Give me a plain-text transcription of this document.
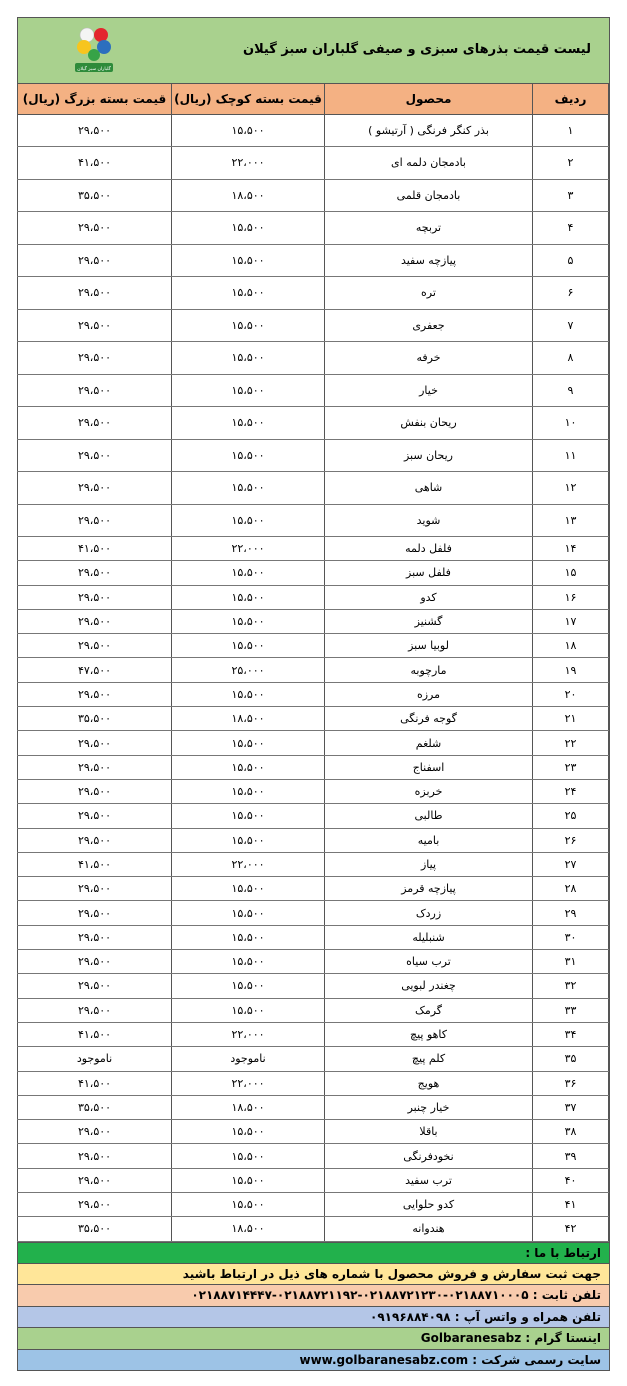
لیست قیمت بذرهای سبزی و صیفی گلباران سبز گیلان
گلباران سبز گیلان
ردیف	محصول	قیمت بسته کوچک (ریال)	قیمت بسته بزرگ (ریال)
۱	بذر کنگر فرنگی ( آرتیشو )	۱۵،۵۰۰	۲۹،۵۰۰
۲	بادمجان دلمه ای	۲۲،۰۰۰	۴۱،۵۰۰
۳	بادمجان قلمی	۱۸،۵۰۰	۳۵،۵۰۰
۴	تربچه	۱۵،۵۰۰	۲۹،۵۰۰
۵	پیازچه سفید	۱۵،۵۰۰	۲۹،۵۰۰
۶	تره	۱۵،۵۰۰	۲۹،۵۰۰
۷	جعفری	۱۵،۵۰۰	۲۹،۵۰۰
۸	خرفه	۱۵،۵۰۰	۲۹،۵۰۰
۹	خیار	۱۵،۵۰۰	۲۹،۵۰۰
۱۰	ریحان بنفش	۱۵،۵۰۰	۲۹،۵۰۰
۱۱	ریحان سبز	۱۵،۵۰۰	۲۹،۵۰۰
۱۲	شاهی	۱۵،۵۰۰	۲۹،۵۰۰
۱۳	شوید	۱۵،۵۰۰	۲۹،۵۰۰
۱۴	فلفل دلمه	۲۲،۰۰۰	۴۱،۵۰۰
۱۵	فلفل سبز	۱۵،۵۰۰	۲۹،۵۰۰
۱۶	کدو	۱۵،۵۰۰	۲۹،۵۰۰
۱۷	گشنیز	۱۵،۵۰۰	۲۹،۵۰۰
۱۸	لوبیا سبز	۱۵،۵۰۰	۲۹،۵۰۰
۱۹	مارچوبه	۲۵،۰۰۰	۴۷،۵۰۰
۲۰	مرزه	۱۵،۵۰۰	۲۹،۵۰۰
۲۱	گوجه فرنگی	۱۸،۵۰۰	۳۵،۵۰۰
۲۲	شلغم	۱۵،۵۰۰	۲۹،۵۰۰
۲۳	اسفناج	۱۵،۵۰۰	۲۹،۵۰۰
۲۴	خربزه	۱۵،۵۰۰	۲۹،۵۰۰
۲۵	طالبی	۱۵،۵۰۰	۲۹،۵۰۰
۲۶	بامیه	۱۵،۵۰۰	۲۹،۵۰۰
۲۷	پیاز	۲۲،۰۰۰	۴۱،۵۰۰
۲۸	پیازچه قرمز	۱۵،۵۰۰	۲۹،۵۰۰
۲۹	زردک	۱۵،۵۰۰	۲۹،۵۰۰
۳۰	شنبلیله	۱۵،۵۰۰	۲۹،۵۰۰
۳۱	ترب سیاه	۱۵،۵۰۰	۲۹،۵۰۰
۳۲	چغندر لبویی	۱۵،۵۰۰	۲۹،۵۰۰
۳۳	گرمک	۱۵،۵۰۰	۲۹،۵۰۰
۳۴	کاهو پیچ	۲۲،۰۰۰	۴۱،۵۰۰
۳۵	کلم پیچ	ناموجود	ناموجود
۳۶	هویج	۲۲،۰۰۰	۴۱،۵۰۰
۳۷	خیار چنبر	۱۸،۵۰۰	۳۵،۵۰۰
۳۸	باقلا	۱۵،۵۰۰	۲۹،۵۰۰
۳۹	نخودفرنگی	۱۵،۵۰۰	۲۹،۵۰۰
۴۰	ترب سفید	۱۵،۵۰۰	۲۹،۵۰۰
۴۱	کدو حلوایی	۱۵،۵۰۰	۲۹،۵۰۰
۴۲	هندوانه	۱۸،۵۰۰	۳۵،۵۰۰
ارتباط با ما :
جهت ثبت سفارش و فروش محصول با شماره های ذیل در ارتباط باشید
تلفن ثابت : ۰۲۱۸۸۷۱۰۰۰۵-۰۲۱۸۸۷۲۱۲۳۰-۰۲۱۸۸۷۲۱۱۹۲-۰۲۱۸۸۷۱۴۴۴۷
تلفن همراه و واتس آپ : ۰۹۱۹۶۸۸۴۰۹۸
اینستا گرام : Golbaranesabz
سایت رسمی شرکت : www.golbaranesabz.com
